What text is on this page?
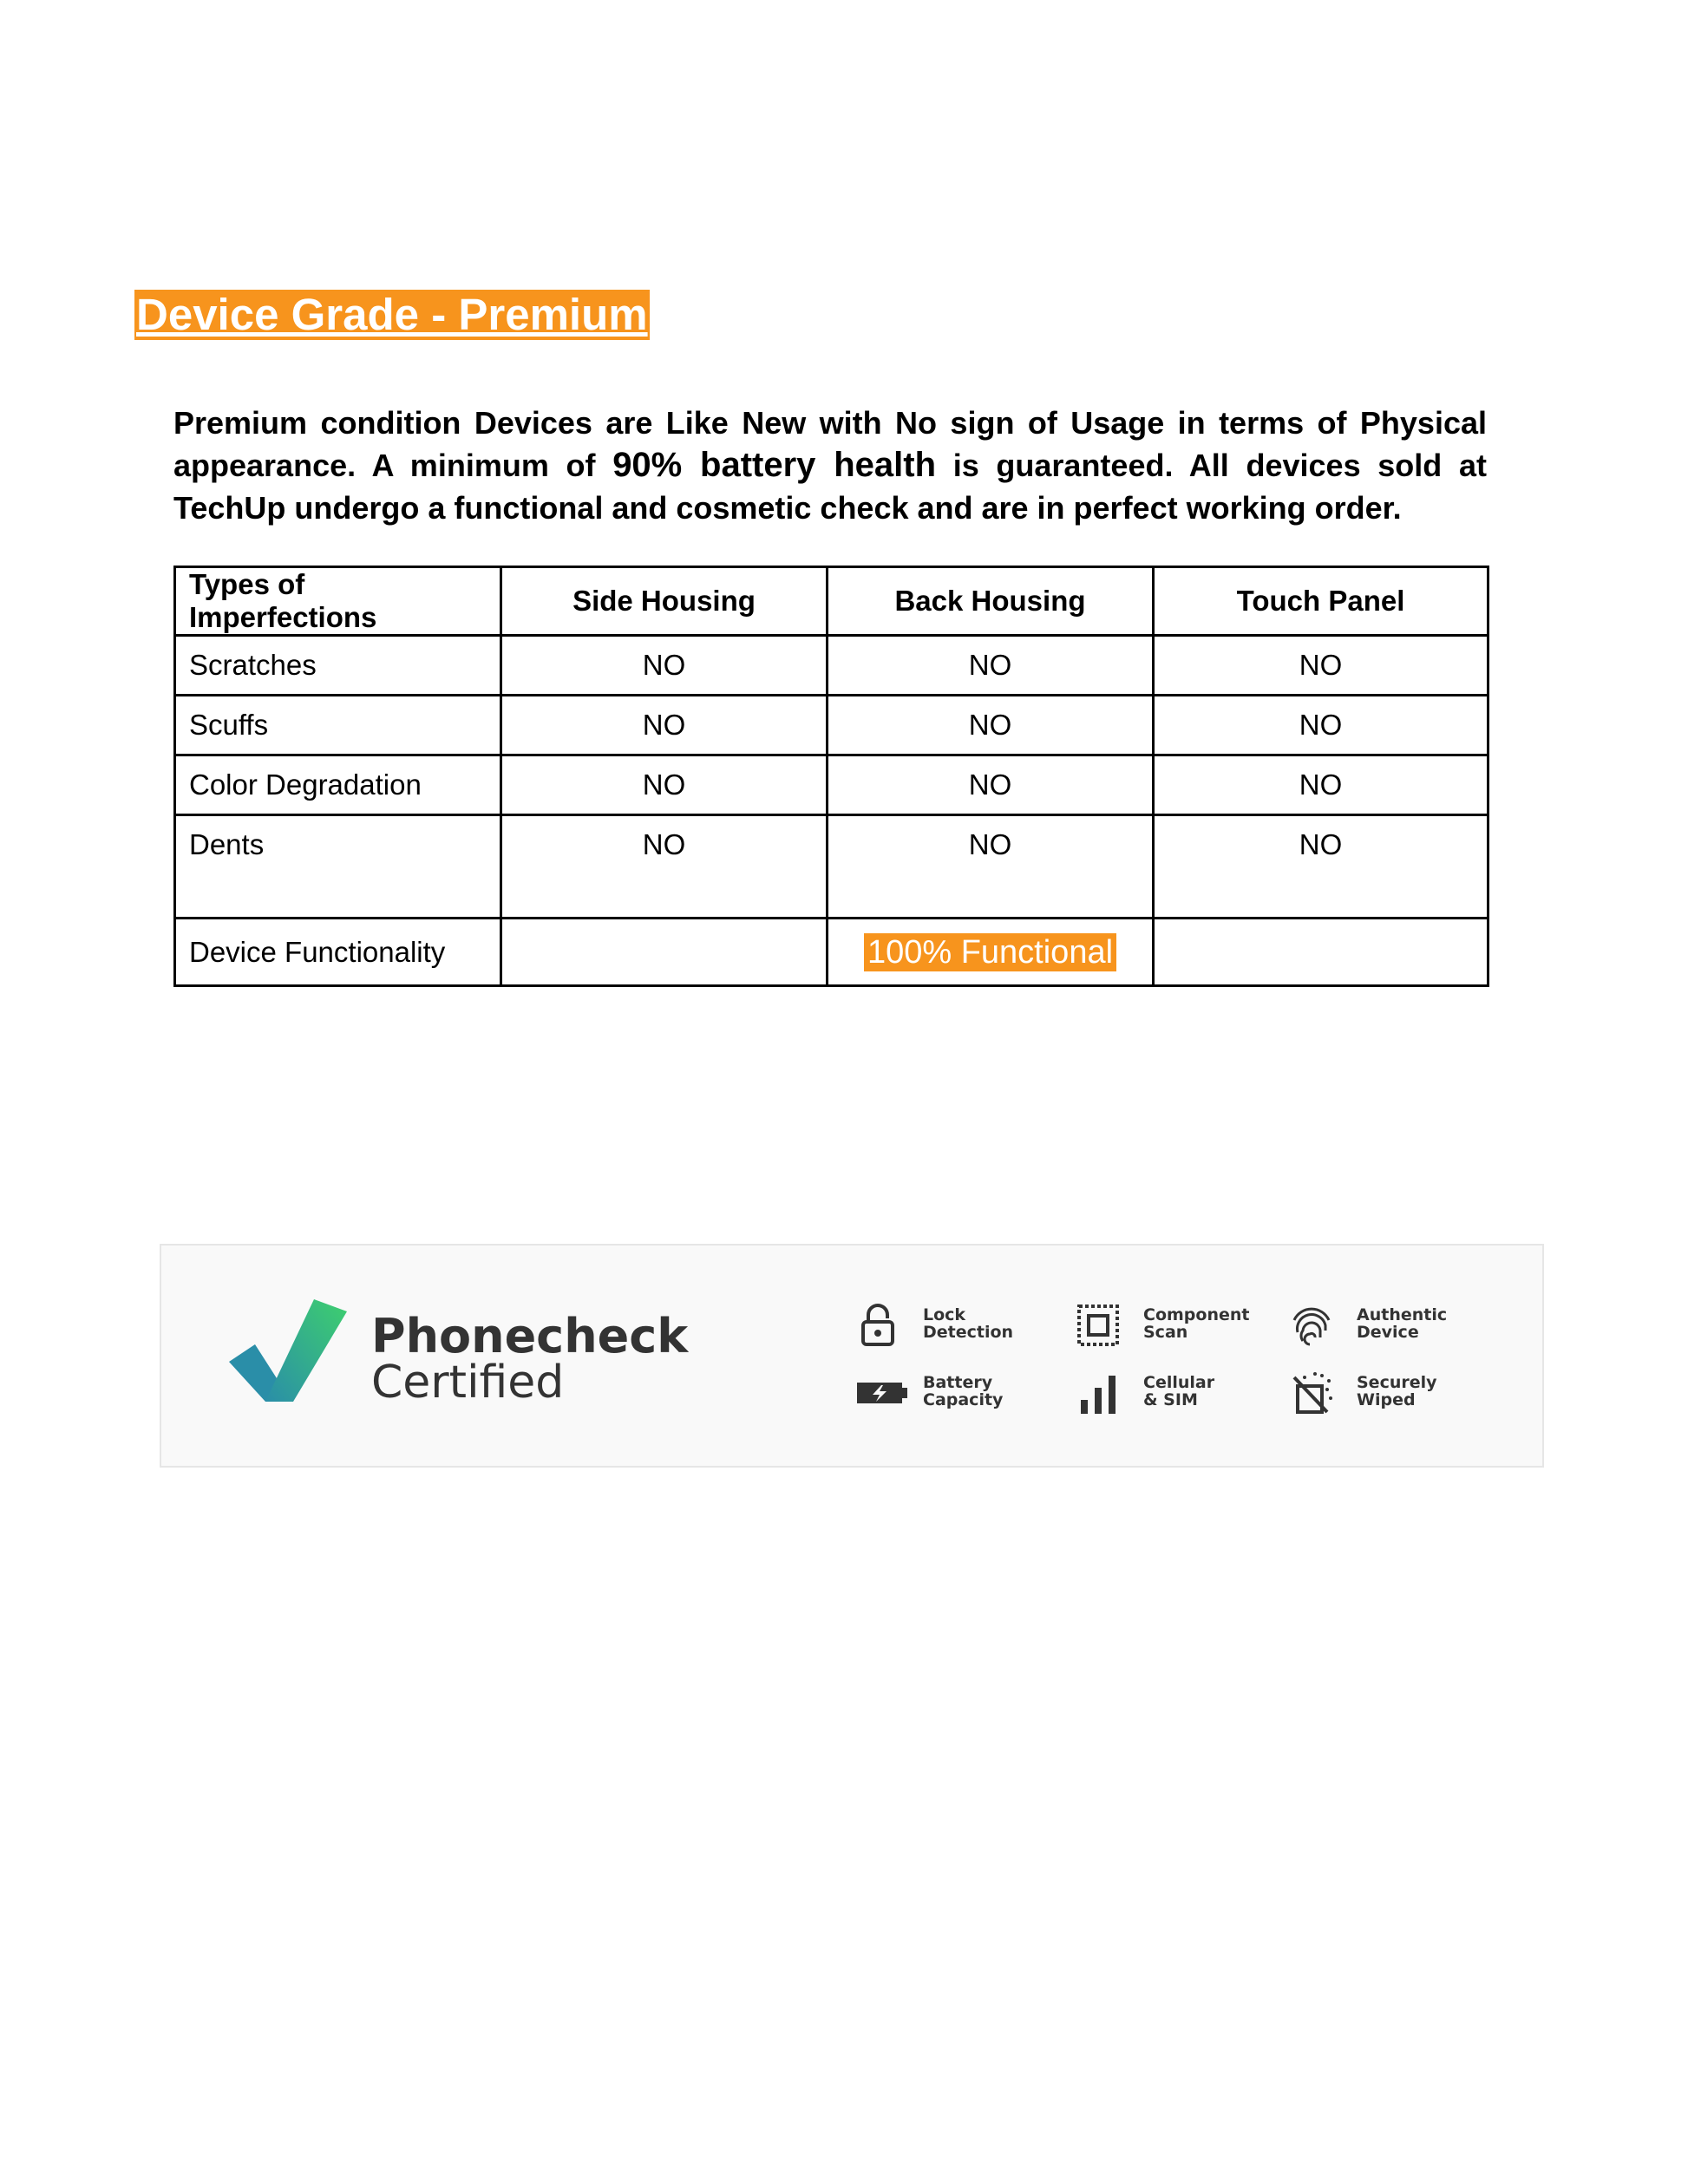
Device Grade - Premium

Premium condition Devices are Like New with No sign of Usage in terms of Physical appearance. A minimum of 90% battery health is guaranteed. All devices sold at TechUp undergo a functional and cosmetic check and are in perfect working order.

Types of Imperfections	Side Housing	Back Housing	Touch Panel
Scratches	NO	NO	NO
Scuffs	NO	NO	NO
Color Degradation	NO	NO	NO
Dents	NO	NO	NO
Device Functionality		100% Functional	
Phonecheck
Certified
Lock
Detection
Component
Scan
Authentic
Device
Battery
Capacity
Cellular
& SIM
Securely
Wiped
